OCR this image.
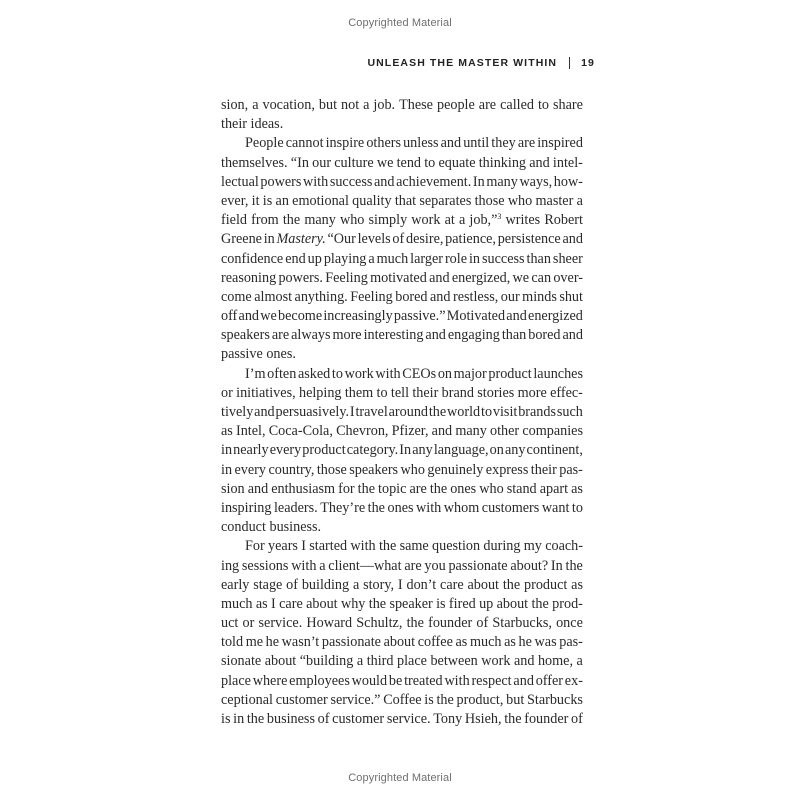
Copyrighted Material
UNLEASH THE MASTER WITHIN 19
sion, a vocation, but not a job. These people are called to share
their ideas.
People cannot inspire others unless and until they are inspired
themselves. “In our culture we tend to equate thinking and intel-
lectual powers with success and achievement. In many ways, how-
ever, it is an emotional quality that separates those who master a
field from the many who simply work at a job,”$^3$ writes Robert
Greene in Mastery. “Our levels of desire, patience, persistence and
confidence end up playing a much larger role in success than sheer
reasoning powers. Feeling motivated and energized, we can over-
come almost anything. Feeling bored and restless, our minds shut
off and we become increasingly passive.” Motivated and energized
speakers are always more interesting and engaging than bored and
passive ones.
I’m often asked to work with CEOs on major product launches
or initiatives, helping them to tell their brand stories more effec-
tively and persuasively. I travel around the world to visit brands such
as Intel, Coca-Cola, Chevron, Pfizer, and many other companies
in nearly every product category. In any language, on any continent,
in every country, those speakers who genuinely express their pas-
sion and enthusiasm for the topic are the ones who stand apart as
inspiring leaders. They’re the ones with whom customers want to
conduct business.
For years I started with the same question during my coach-
ing sessions with a client—what are you passionate about? In the
early stage of building a story, I don’t care about the product as
much as I care about why the speaker is fired up about the prod-
uct or service. Howard Schultz, the founder of Starbucks, once
told me he wasn’t passionate about coffee as much as he was pas-
sionate about “building a third place between work and home, a
place where employees would be treated with respect and offer ex-
ceptional customer service.” Coffee is the product, but Starbucks
is in the business of customer service. Tony Hsieh, the founder of
Copyrighted Material
